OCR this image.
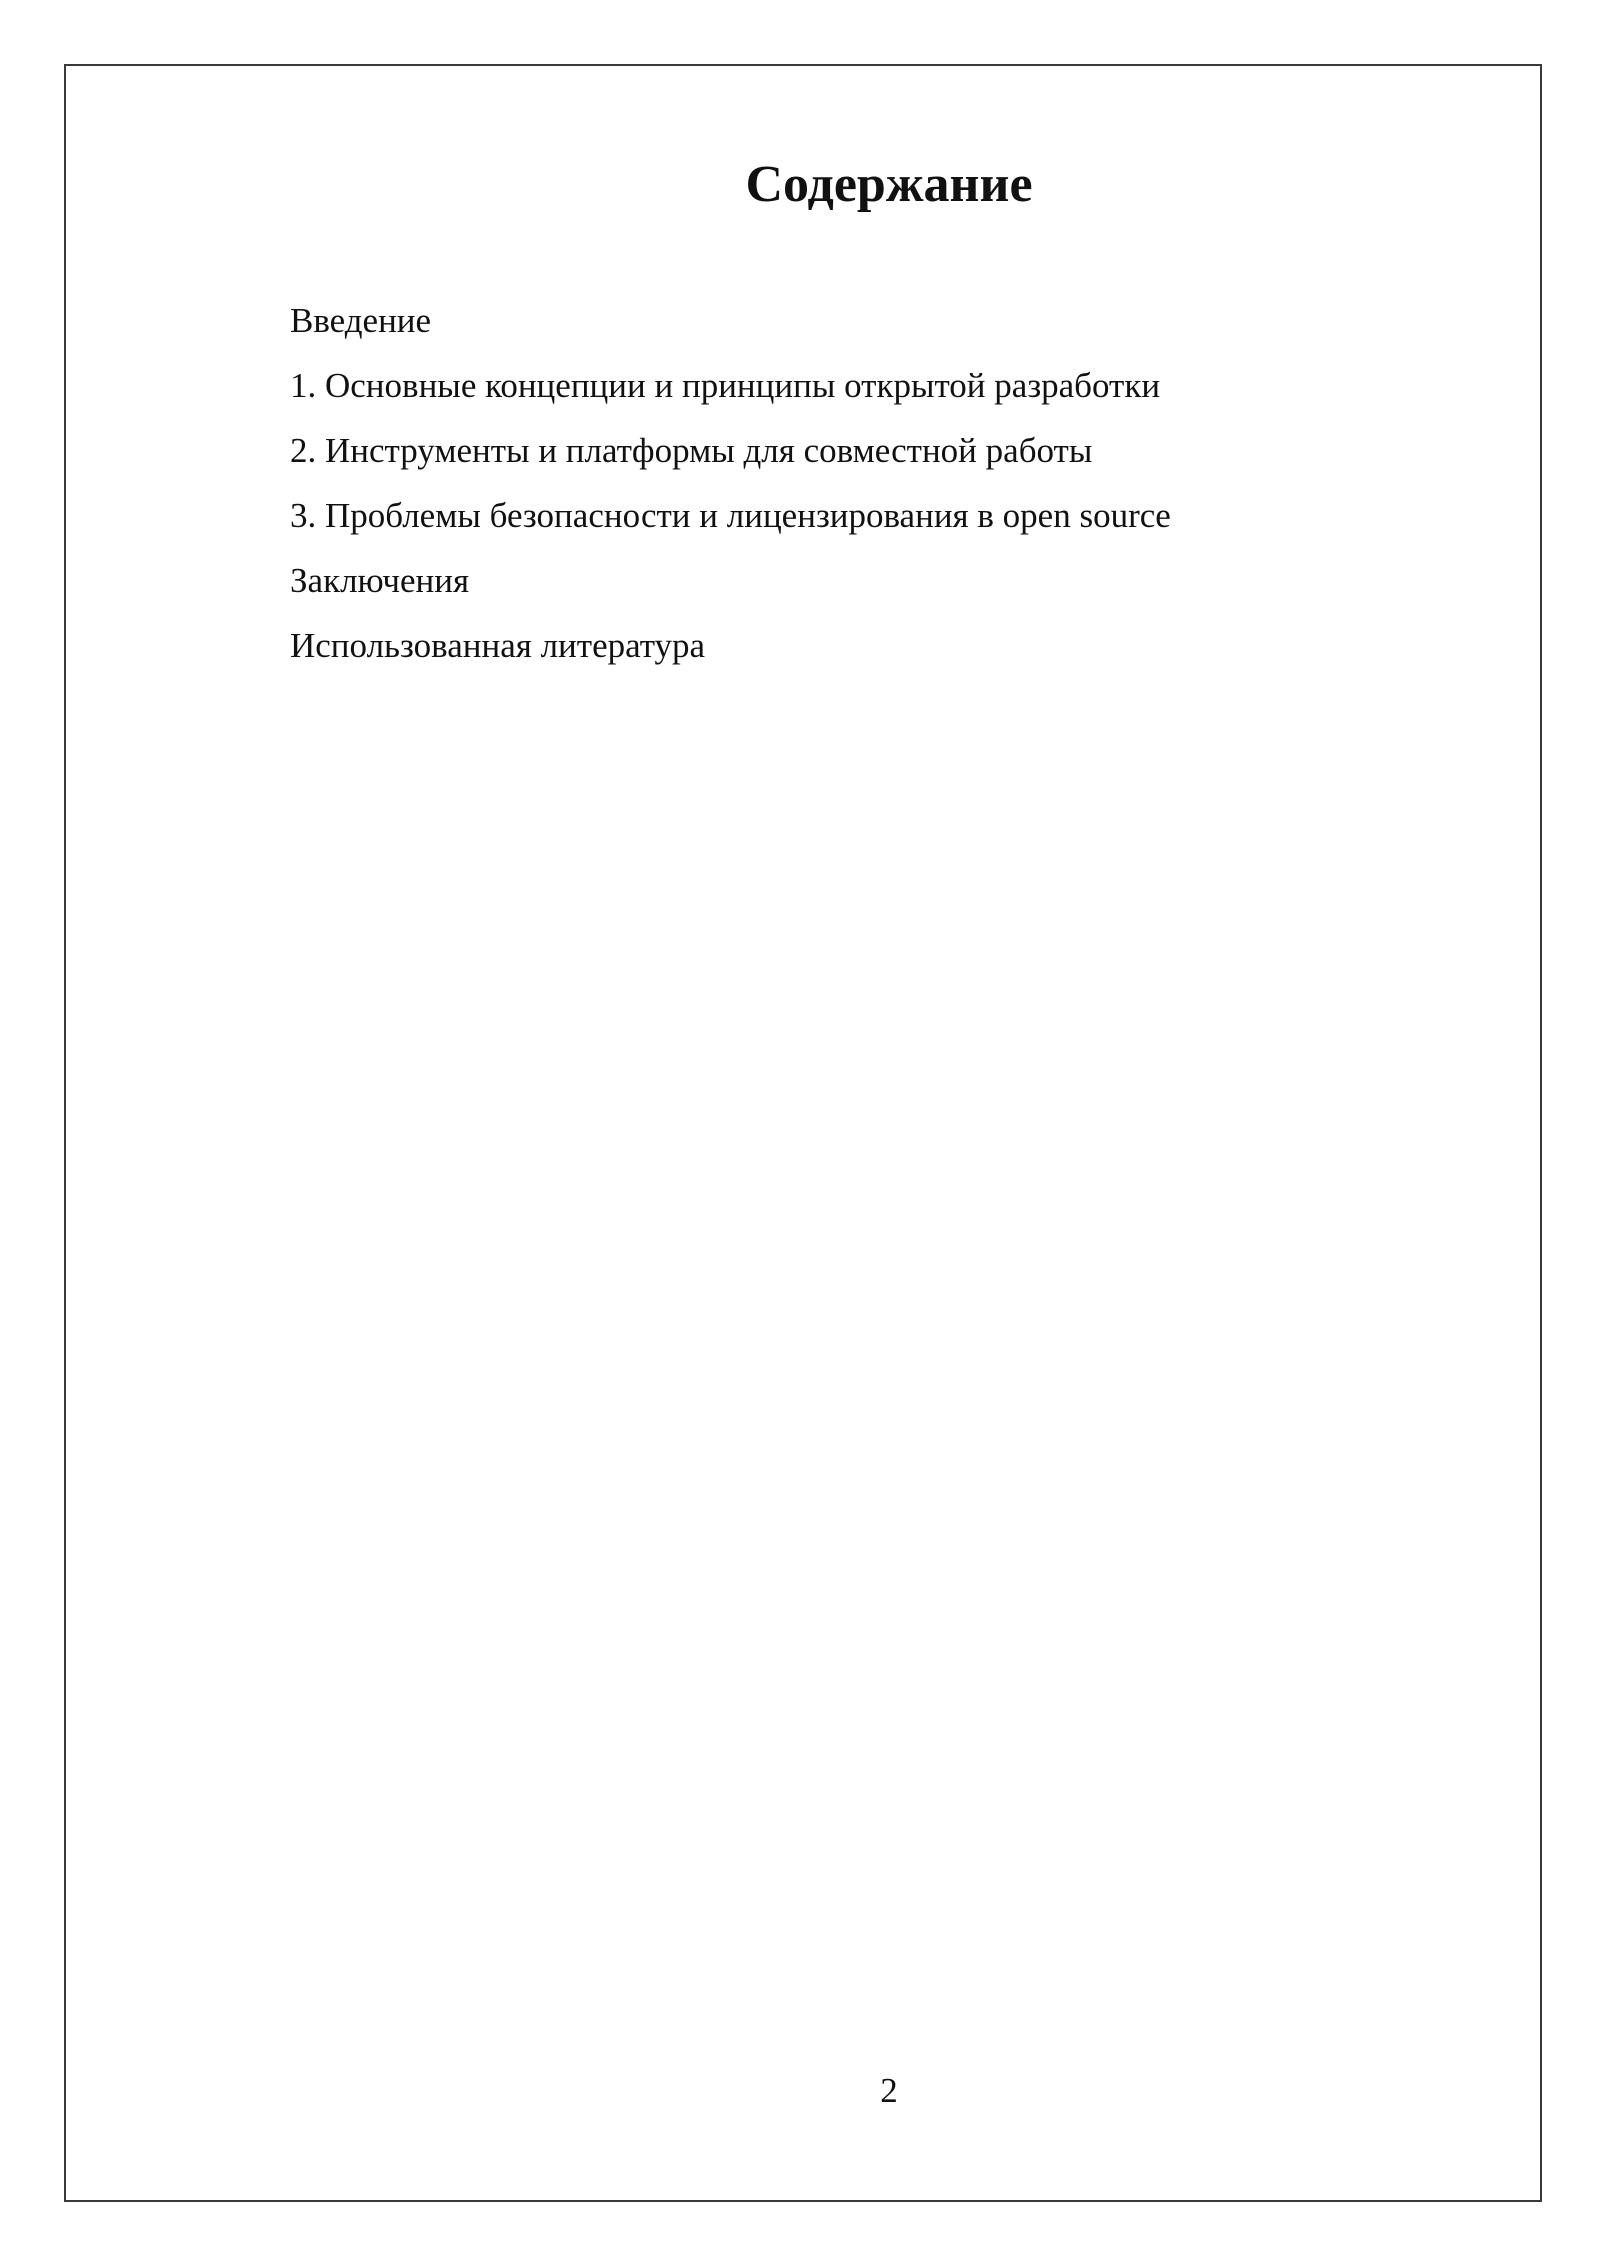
Содержание
Введение
1. Основные концепции и принципы открытой разработки
2. Инструменты и платформы для совместной работы
3. Проблемы безопасности и лицензирования в open source
Заключения
Использованная литература
2
